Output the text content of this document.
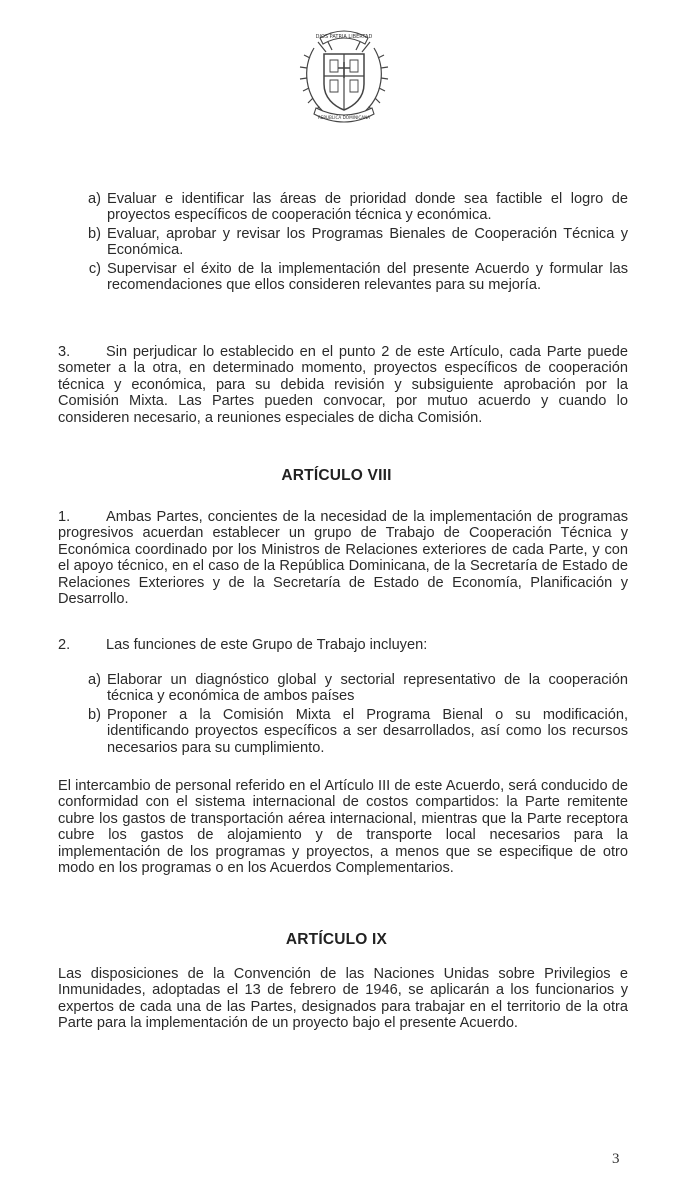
DIOS PATRIA LIBERTAD
REPUBLICA DOMINICANA
a) Evaluar e identificar las áreas de prioridad donde sea factible el logro de proyectos específicos de cooperación técnica y económica.
b) Evaluar, aprobar y revisar los Programas Bienales de Cooperación Técnica y Económica.
c) Supervisar el éxito de la implementación del presente Acuerdo y formular las recomendaciones que ellos consideren relevantes para su mejoría.
3. Sin perjudicar lo establecido en el punto 2 de este Artículo, cada Parte puede someter a la otra, en determinado momento, proyectos específicos de cooperación técnica y económica, para su debida revisión y subsiguiente aprobación por la Comisión Mixta. Las Partes pueden convocar, por mutuo acuerdo y cuando lo consideren necesario, a reuniones especiales de dicha Comisión.
ARTÍCULO VIII
1. Ambas Partes, concientes de la necesidad de la implementación de programas progresivos acuerdan establecer un grupo de Trabajo de Cooperación Técnica y Económica coordinado por los Ministros de Relaciones exteriores de cada Parte, y con el apoyo técnico, en el caso de la República Dominicana, de la Secretaría de Estado de Relaciones Exteriores y de la Secretaría de Estado de Economía, Planificación y Desarrollo.
2. Las funciones de este Grupo de Trabajo incluyen:
a) Elaborar un diagnóstico global y sectorial representativo de la cooperación técnica y económica de ambos países
b) Proponer a la Comisión Mixta el Programa Bienal o su modificación, identificando proyectos específicos a ser desarrollados, así como los recursos necesarios para su cumplimiento.
El intercambio de personal referido en el Artículo III de este Acuerdo, será conducido de conformidad con el sistema internacional de costos compartidos: la Parte remitente cubre los gastos de transportación aérea internacional, mientras que la Parte receptora cubre los gastos de alojamiento y de transporte local necesarios para la implementación de los programas y proyectos, a menos que se especifique de otro modo en los programas o en los Acuerdos Complementarios.
ARTÍCULO IX
Las disposiciones de la Convención de las Naciones Unidas sobre Privilegios e Inmunidades, adoptadas el 13 de febrero de 1946, se aplicarán a los funcionarios y expertos de cada una de las Partes, designados para trabajar en el territorio de la otra Parte para la implementación de un proyecto bajo el presente Acuerdo.
3
